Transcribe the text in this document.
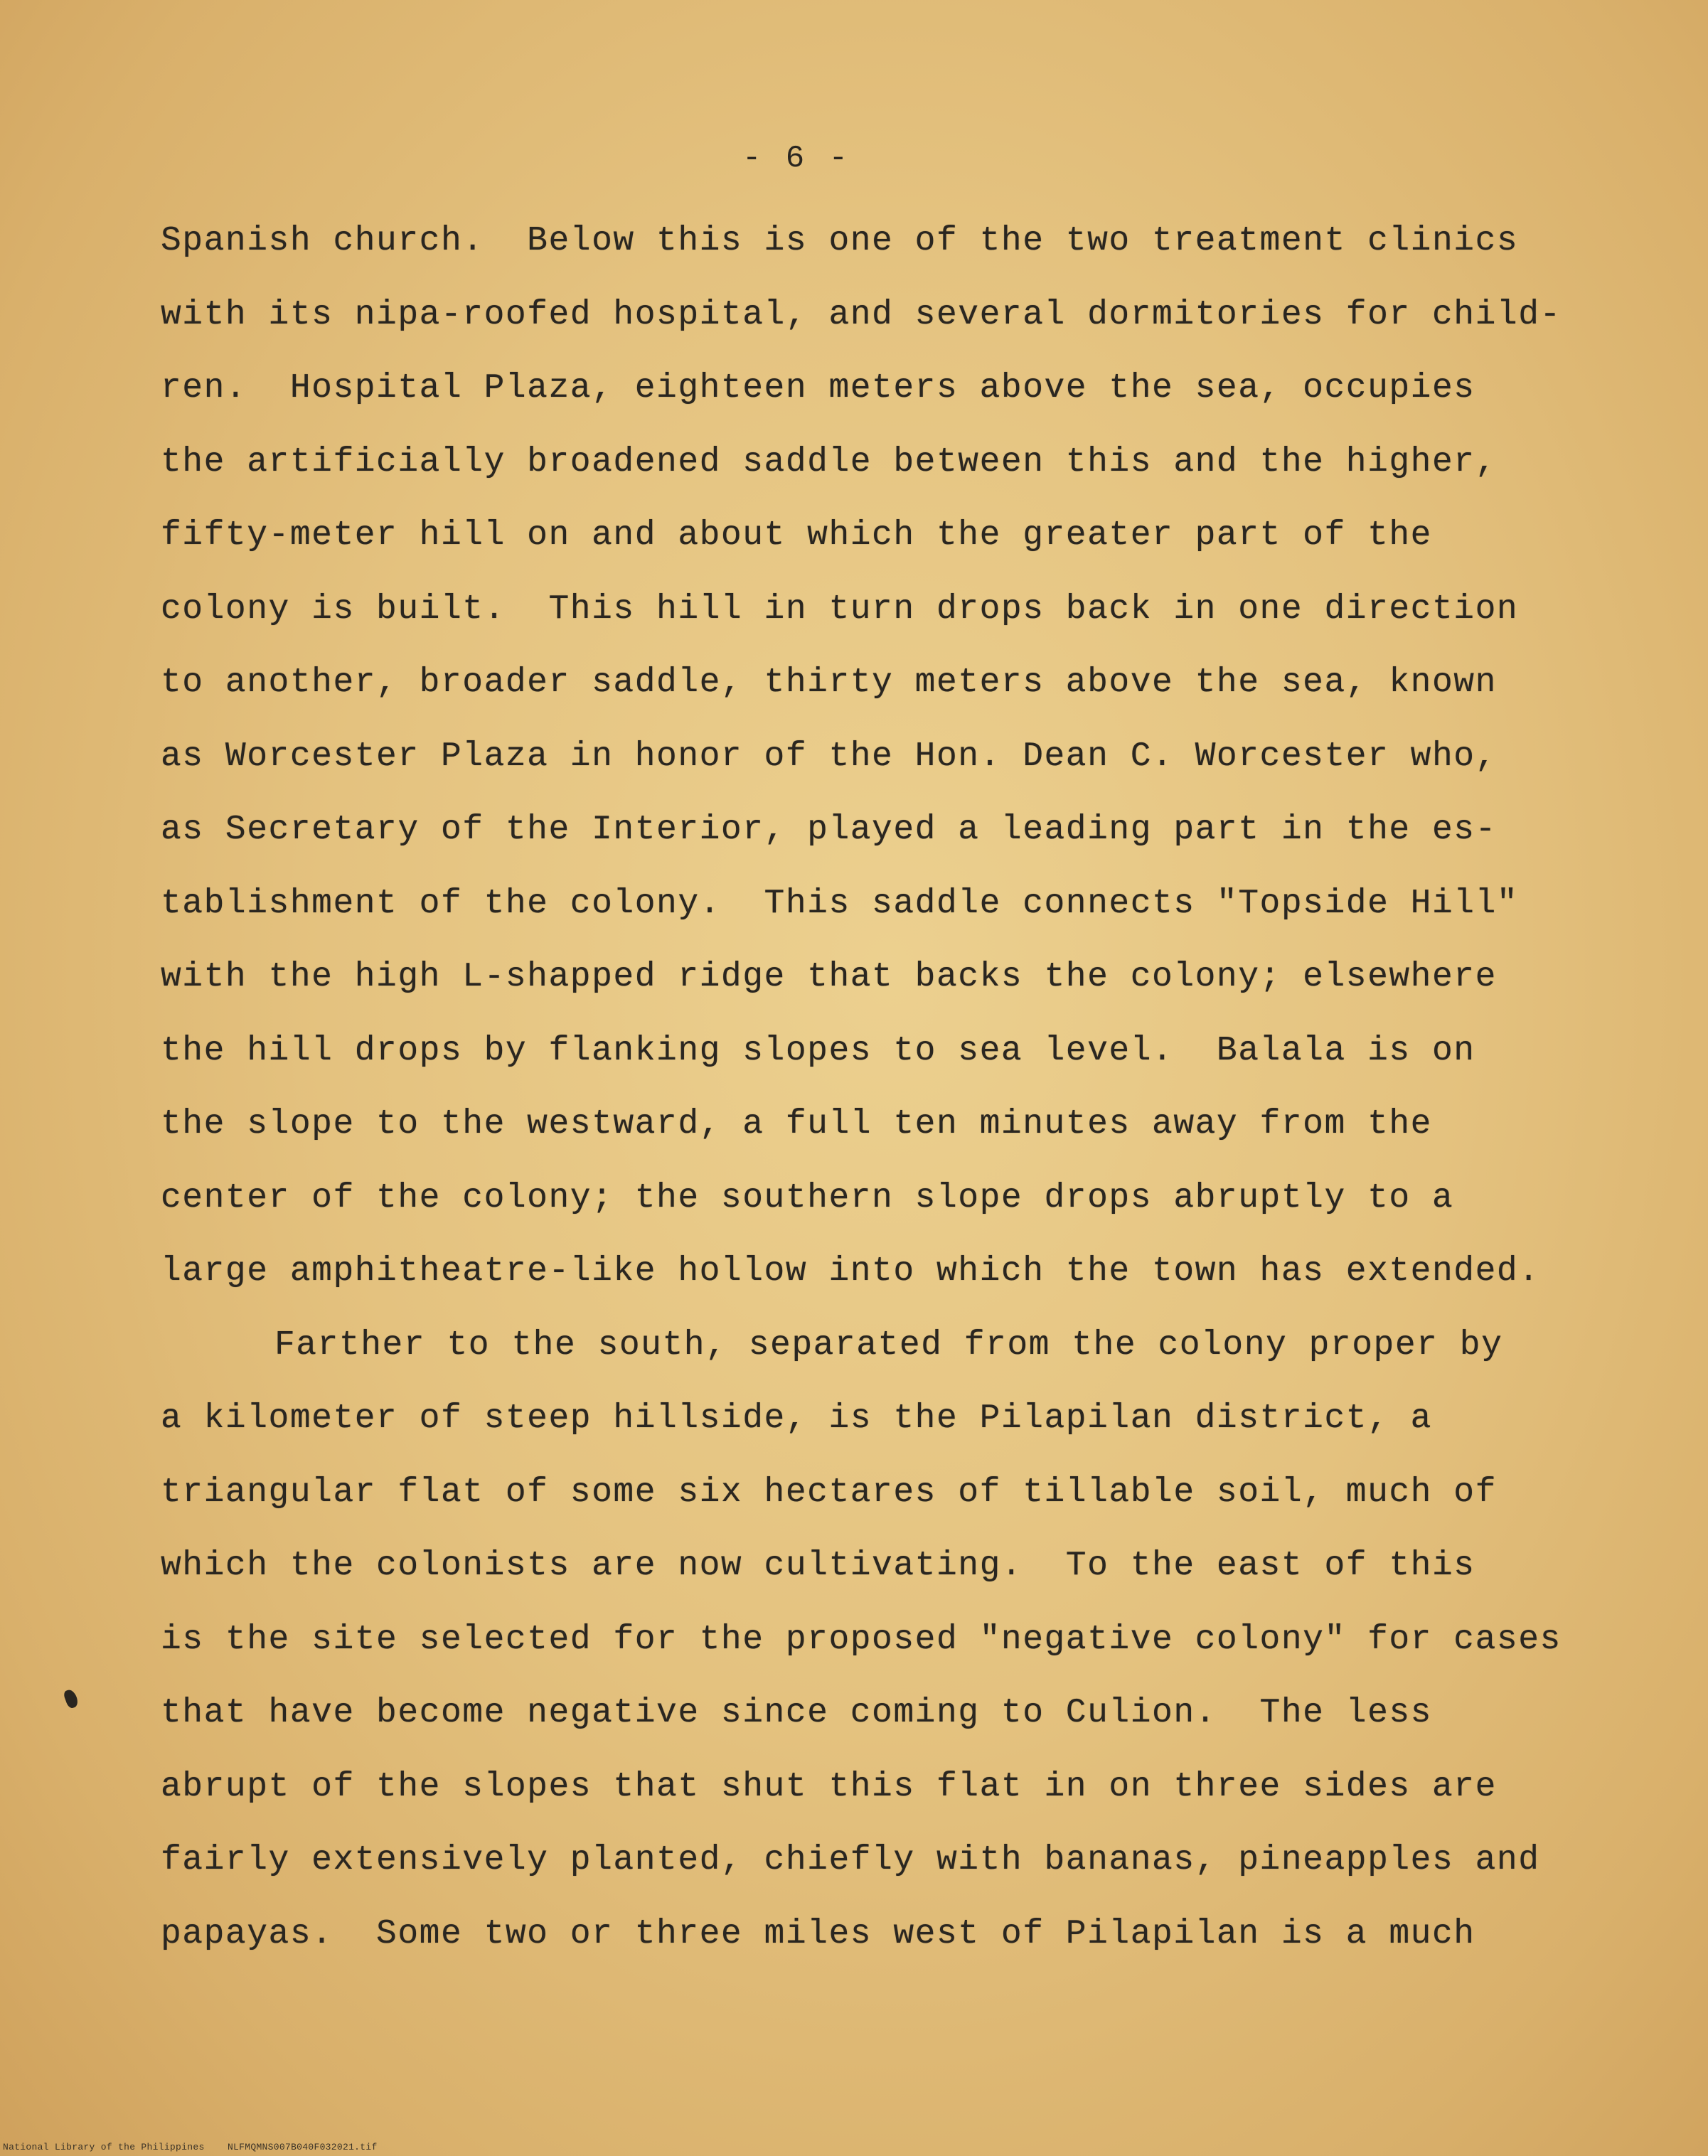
- 6 -
Spanish church.  Below this is one of the two treatment clinics
with its nipa-roofed hospital, and several dormitories for child-
ren.  Hospital Plaza, eighteen meters above the sea, occupies
the artificially broadened saddle between this and the higher,
fifty-meter hill on and about which the greater part of the
colony is built.  This hill in turn drops back in one direction
to another, broader saddle, thirty meters above the sea, known
as Worcester Plaza in honor of the Hon. Dean C. Worcester who,
as Secretary of the Interior, played a leading part in the es-
tablishment of the colony.  This saddle connects "Topside Hill"
with the high L-shapped ridge that backs the colony; elsewhere
the hill drops by flanking slopes to sea level.  Balala is on
the slope to the westward, a full ten minutes away from the
center of the colony; the southern slope drops abruptly to a
large amphitheatre-like hollow into which the town has extended.
Farther to the south, separated from the colony proper by
a kilometer of steep hillside, is the Pilapilan district, a
triangular flat of some six hectares of tillable soil, much of
which the colonists are now cultivating.  To the east of this
is the site selected for the proposed "negative colony" for cases
that have become negative since coming to Culion.  The less
abrupt of the slopes that shut this flat in on three sides are
fairly extensively planted, chiefly with bananas, pineapples and
papayas.  Some two or three miles west of Pilapilan is a much
National Library of the Philippines    NLFMQMNS007B040F032021.tif
